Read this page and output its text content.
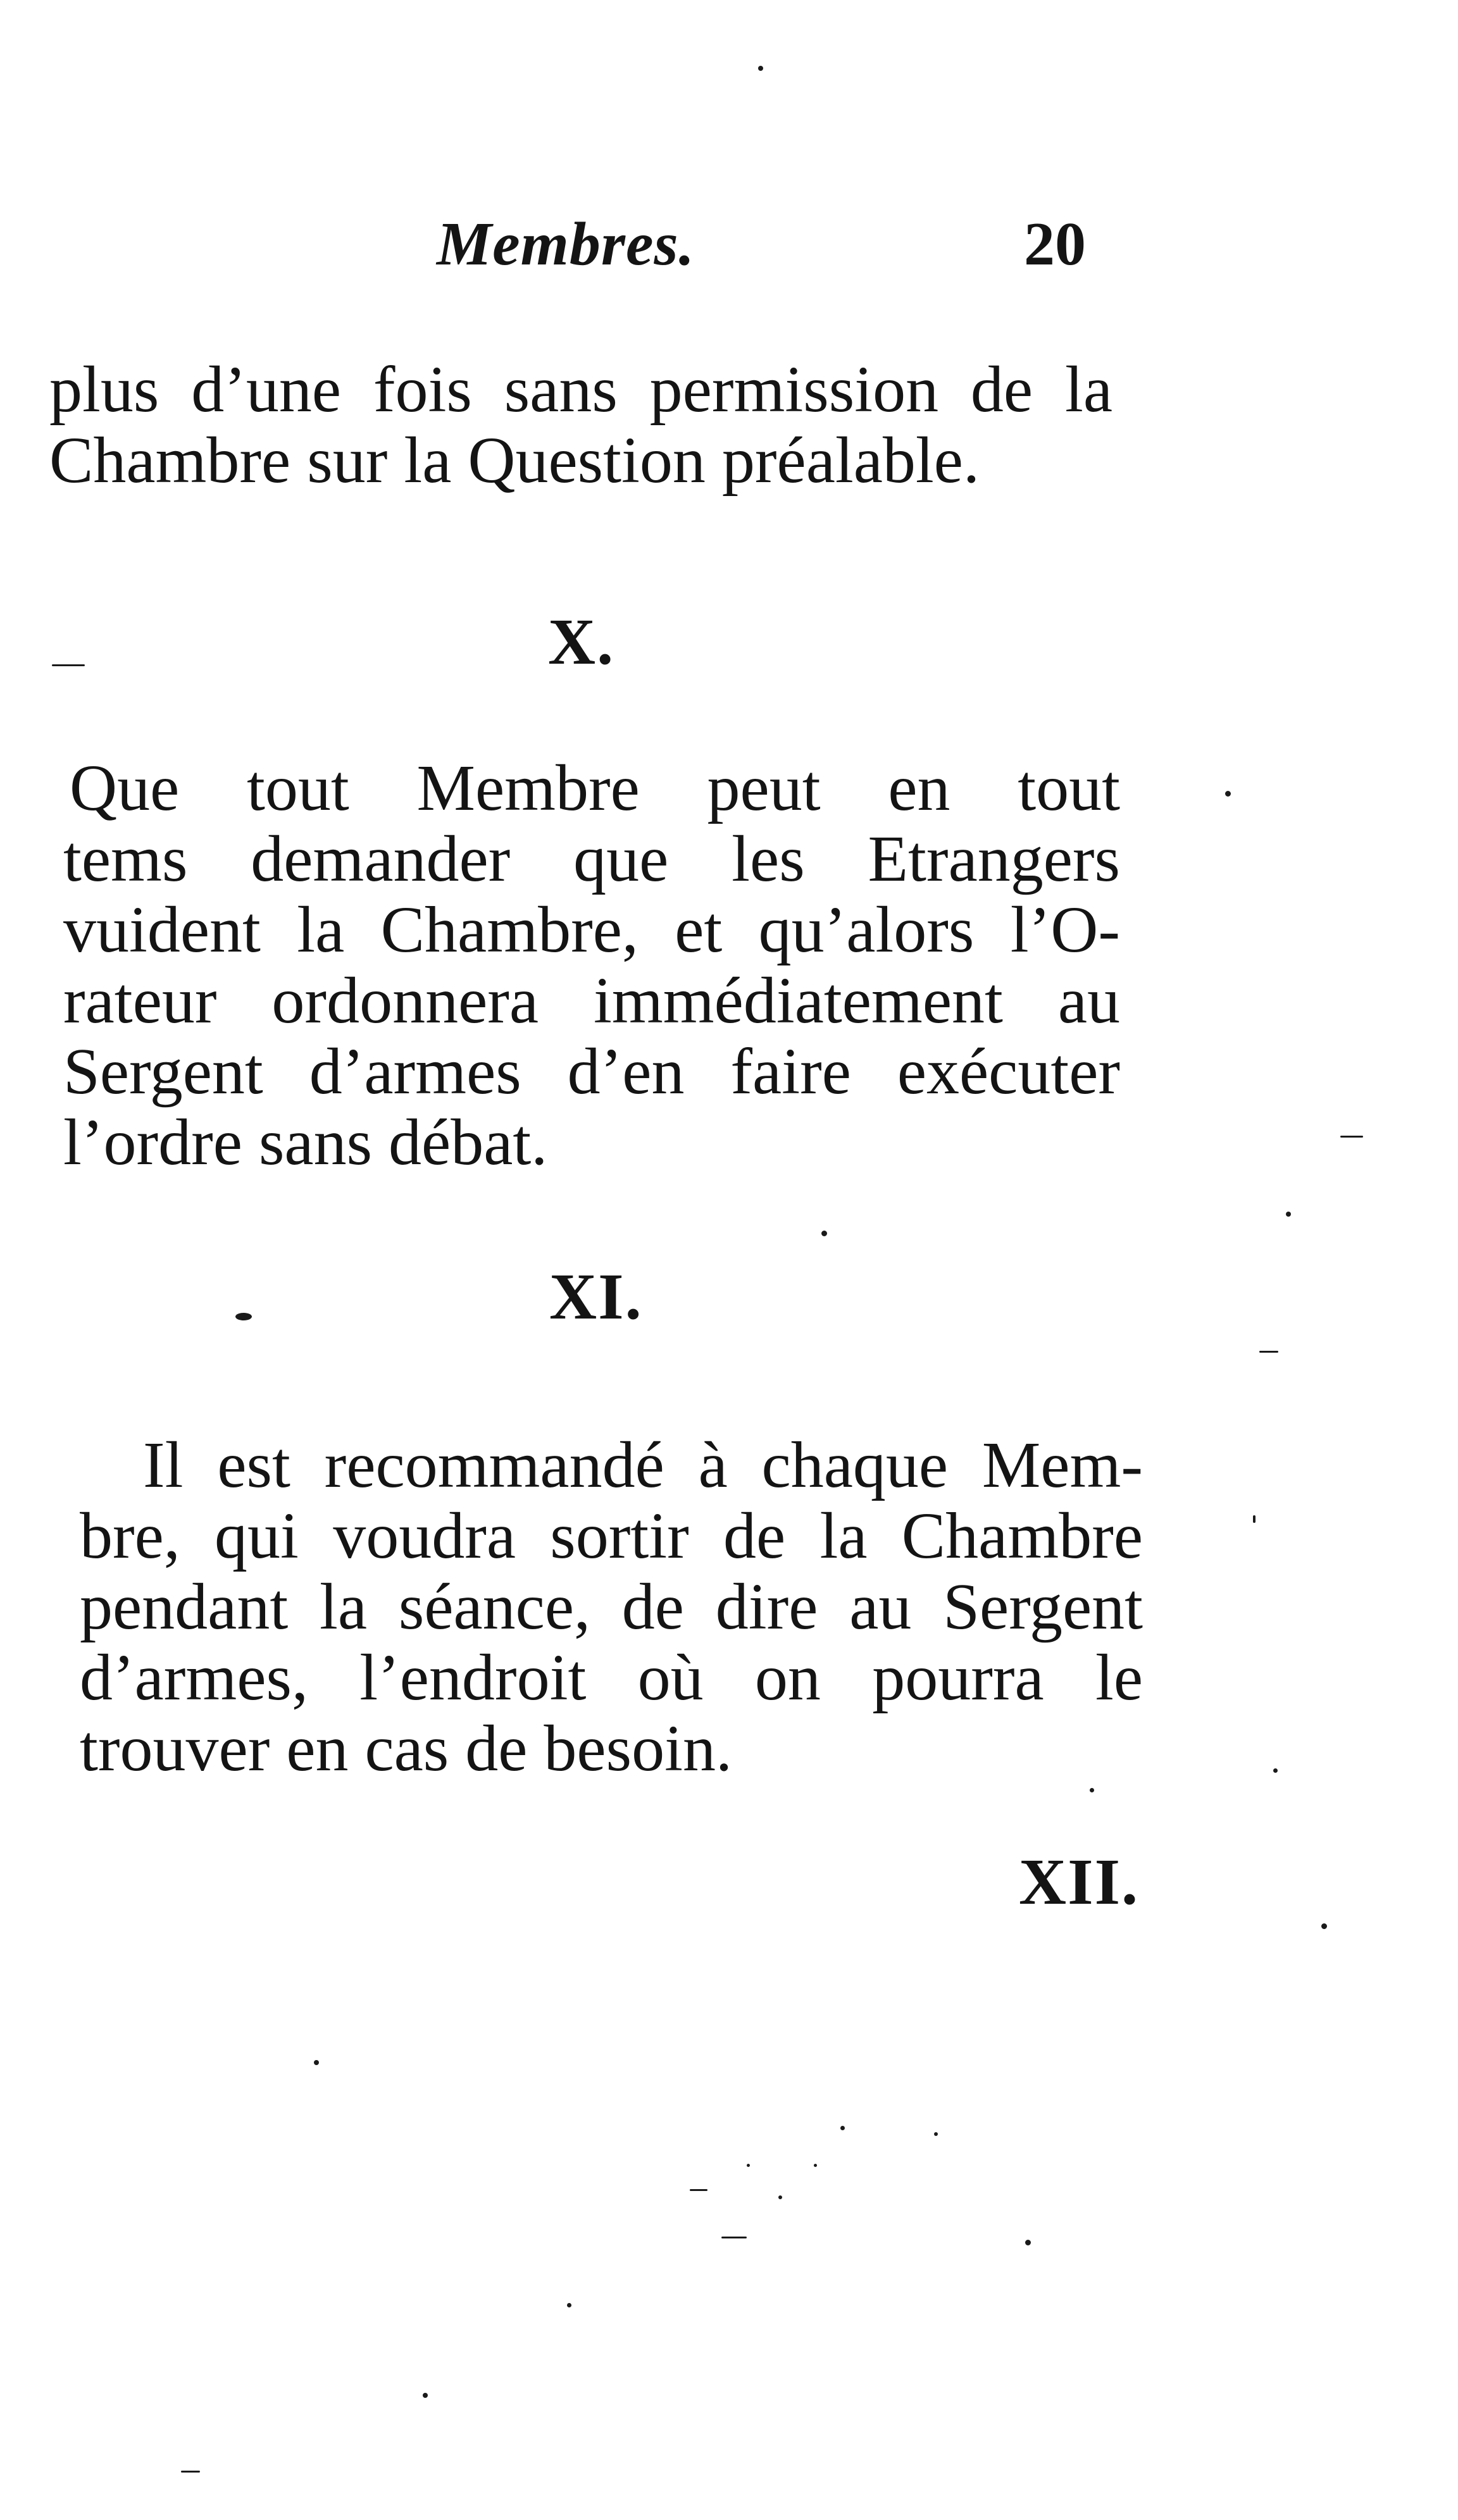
Membres.	20
plus d’une fois sans permission de la
Chambre sur la Question préalable.
X.
Que tout Membre peut en tout
tems demander que les Etrangers
vuident la Chambre, et qu’alors l’O-
rateur ordonnera immédiatement au
Sergent d’armes d’en faire exécuter
l’ordre sans débat.
XI.
Il est recommandé à chaque Mem-
bre, qui voudra sortir de la Chambre
pendant la séance, de dire au Sergent
d’armes, l’endroit où on pourra le
trouver en cas de besoin.
XII.
